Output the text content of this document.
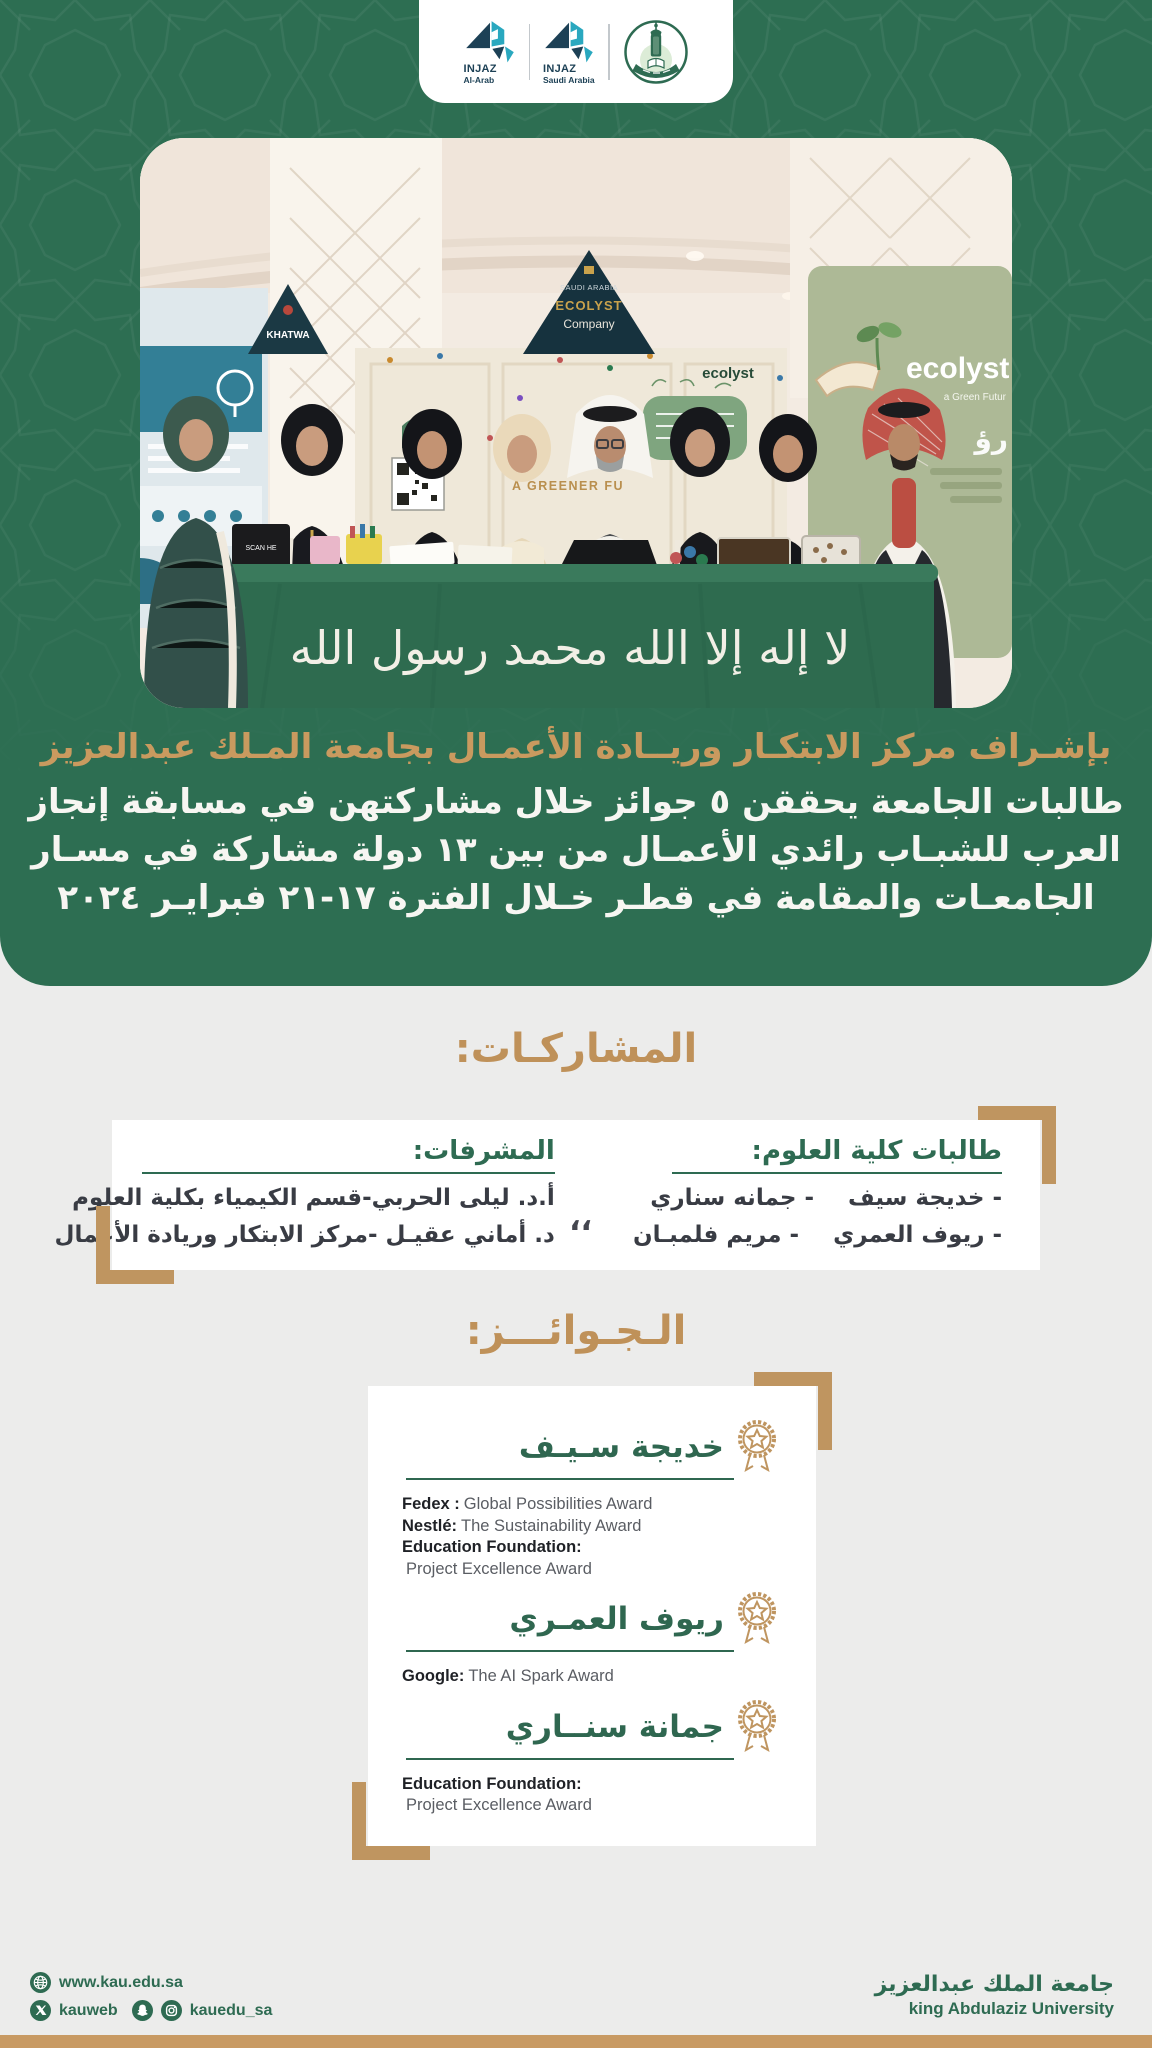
INJAZ
Al-Arab
INJAZ
Saudi Arabia
KHATWA
ecolyst
A GREENER FU
SAUDI ARABIA
ECOLYST
Company
ecolyst
a Green Futur
رؤ
SCAN HE
لا إله إلا الله محمد رسول الله
بإشـراف مركز الابتكـار وريــادة الأعمـال بجامعة المـلك عبدالعزيز
طالبات الجامعة يحققن ٥ جوائز خلال مشاركتهن في مسابقة إنجاز
العرب للشبـاب رائدي الأعمـال من بين ١٣ دولة مشاركة في مسـار
الجامعـات والمقامة في قطـر خـلال الفترة ١٧-٢١ فبرايـر ٢٠٢٤
المشاركـات:
طالبات كلية العلوم:
- خديجة سيف
- جمانه سناري
- ريوف العمري
- مريم فلمبـان
،،
المشرفات:
أ.د. ليلى الحربي-قسم الكيمياء بكلية العلوم
د. أماني عقيـل -مركز الابتكار وريادة الأعمال
الـجـوائـــز:
خديجة سـيـف
Fedex : Global Possibilities Award
Nestlé: The Sustainability Award
Education Foundation:
Project Excellence Award
ريوف العمـري
Google: The AI Spark Award
جمانة سنــاري
Education Foundation:
Project Excellence Award
www.kau.edu.sa
kauweb	kauedu_sa
جامعة الملك عبدالعزيز
king Abdulaziz University
